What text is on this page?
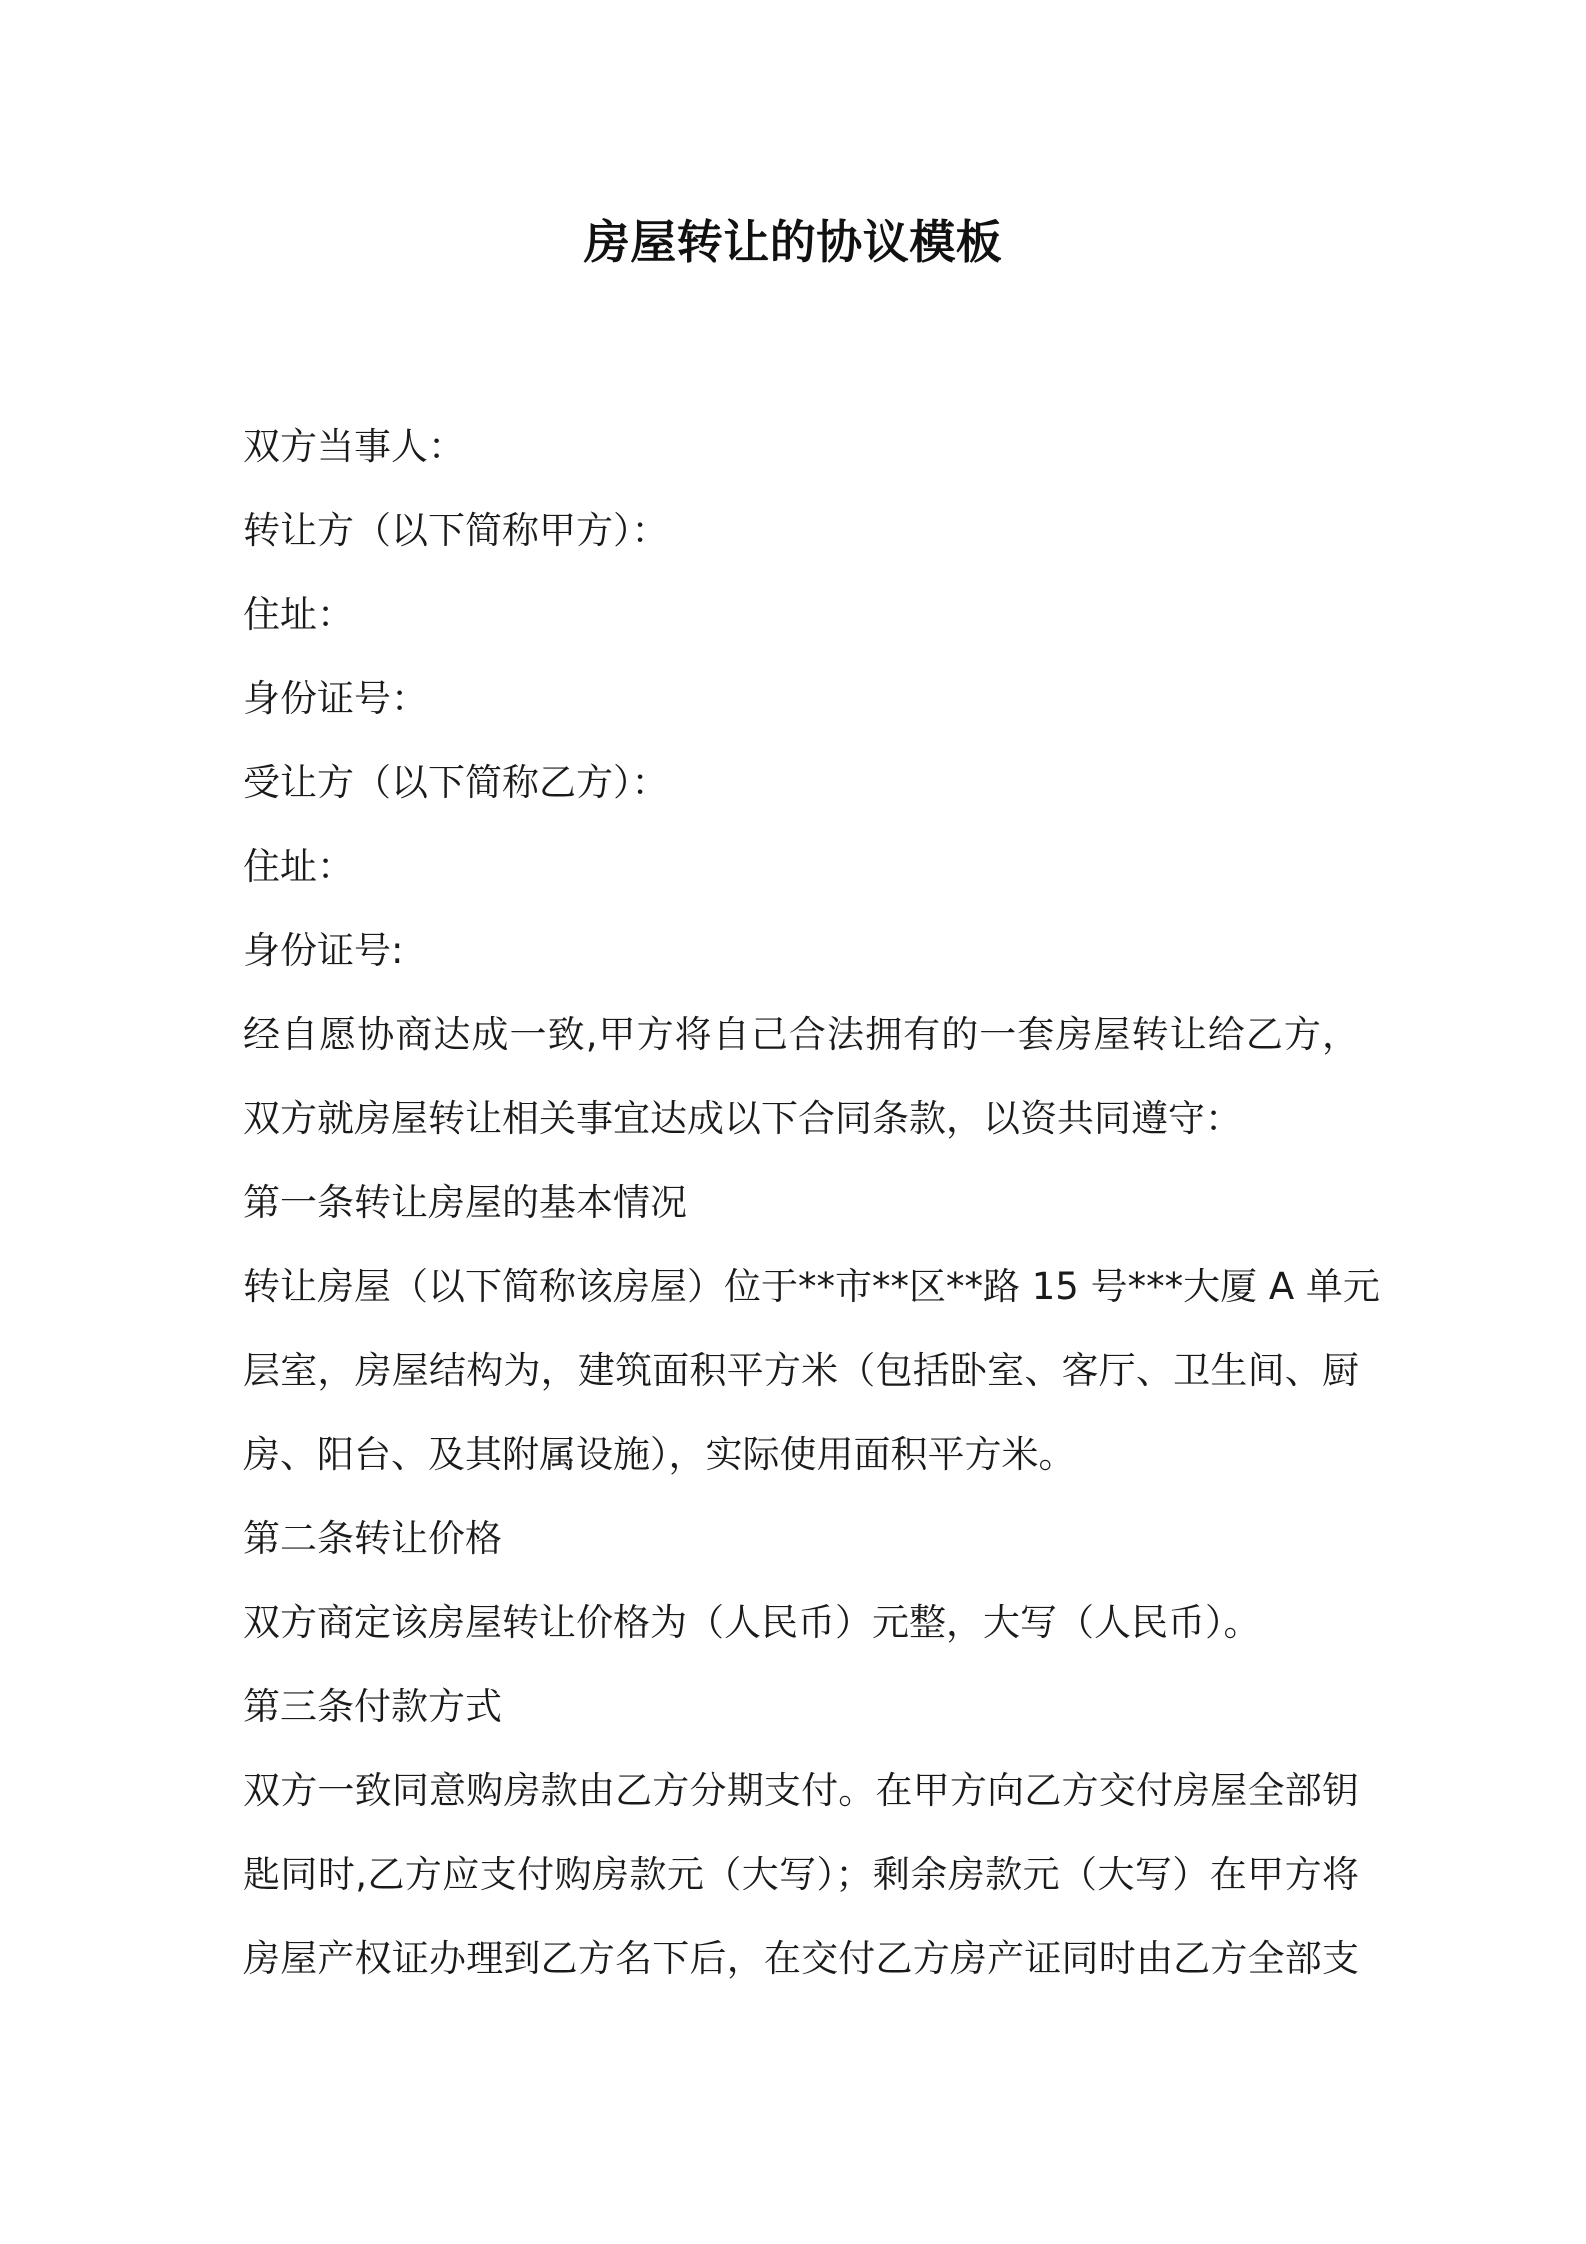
房屋转让的协议模板
双方当事人：
转让方（以下简称甲方）：
住址：
身份证号：
受让方（以下简称乙方）：
住址：
身份证号:
经自愿协商达成一致,甲方将自己合法拥有的一套房屋转让给乙方，
双方就房屋转让相关事宜达成以下合同条款，以资共同遵守：
第一条转让房屋的基本情况
转让房屋（以下简称该房屋）位于**市**区**路 15 号***大厦 A 单元
层室，房屋结构为，建筑面积平方米（包括卧室、客厅、卫生间、厨
房、阳台、及其附属设施），实际使用面积平方米。
第二条转让价格
双方商定该房屋转让价格为（人民币）元整，大写（人民币）。
第三条付款方式
双方一致同意购房款由乙方分期支付。在甲方向乙方交付房屋全部钥
匙同时,乙方应支付购房款元（大写）；剩余房款元（大写）在甲方将
房屋产权证办理到乙方名下后，在交付乙方房产证同时由乙方全部支
